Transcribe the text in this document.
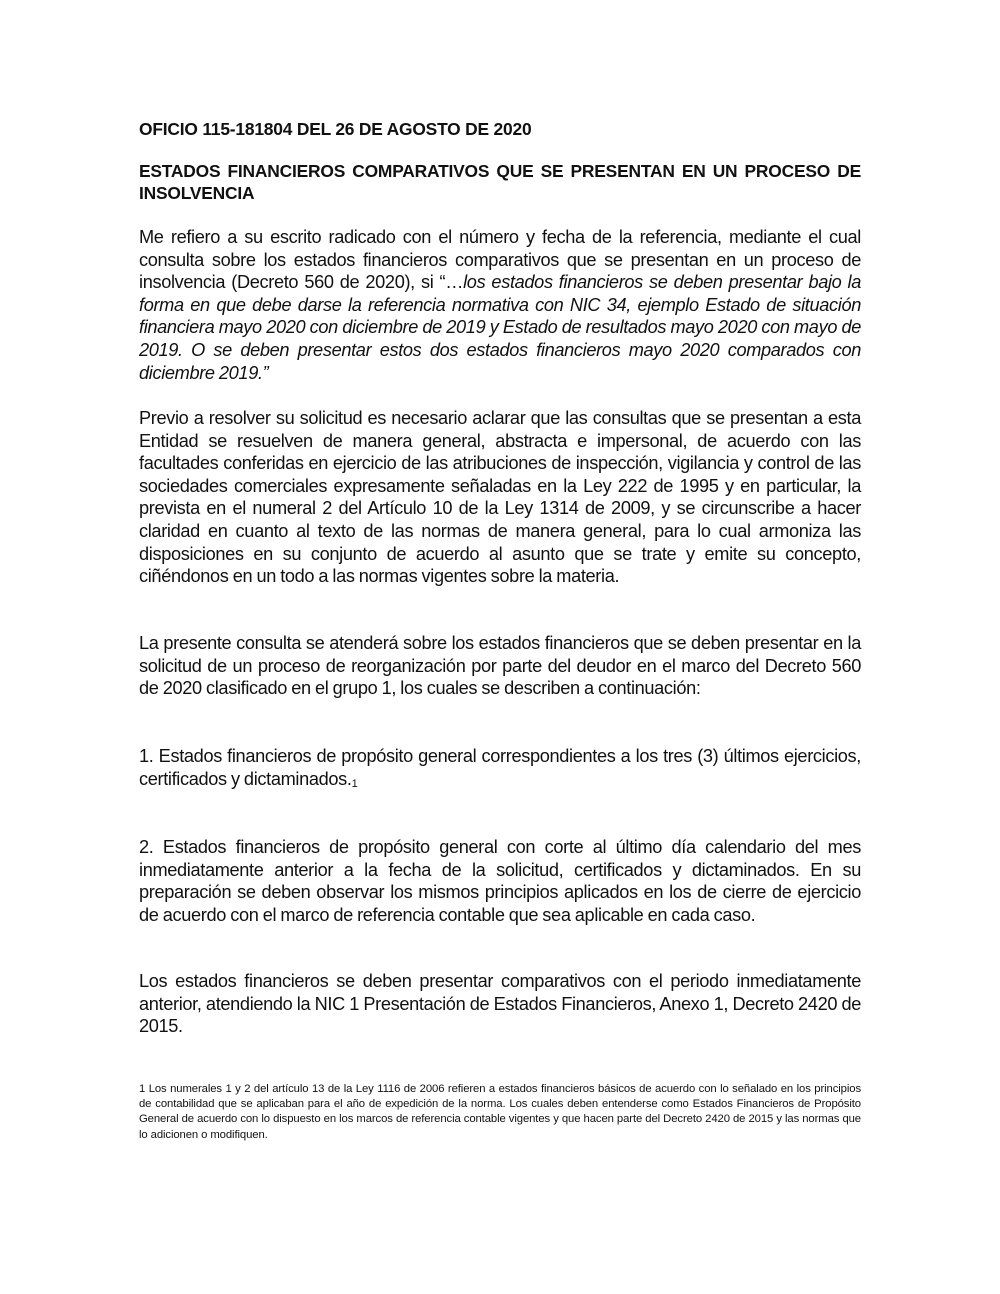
OFICIO 115-181804 DEL 26 DE AGOSTO DE 2020
ESTADOS FINANCIEROS COMPARATIVOS QUE SE PRESENTAN EN UN PROCESO DE INSOLVENCIA
Me refiero a su escrito radicado con el número y fecha de la referencia, mediante el cual consulta sobre los estados financieros comparativos que se presentan en un proceso de insolvencia (Decreto 560 de 2020), si “…los estados financieros se deben presentar bajo la forma en que debe darse la referencia normativa con NIC 34, ejemplo Estado de situación financiera mayo 2020 con diciembre de 2019 y Estado de resultados mayo 2020 con mayo de 2019. O se deben presentar estos dos estados financieros mayo 2020 comparados con diciembre 2019.”
Previo a resolver su solicitud es necesario aclarar que las consultas que se presentan a esta Entidad se resuelven de manera general, abstracta e impersonal, de acuerdo con las facultades conferidas en ejercicio de las atribuciones de inspección, vigilancia y control de las sociedades comerciales expresamente señaladas en la Ley 222 de 1995 y en particular, la prevista en el numeral 2 del Artículo 10 de la Ley 1314 de 2009, y se circunscribe a hacer claridad en cuanto al texto de las normas de manera general, para lo cual armoniza las disposiciones en su conjunto de acuerdo al asunto que se trate y emite su concepto, ciñéndonos en un todo a las normas vigentes sobre la materia.
La presente consulta se atenderá sobre los estados financieros que se deben presentar en la solicitud de un proceso de reorganización por parte del deudor en el marco del Decreto 560 de 2020 clasificado en el grupo 1, los cuales se describen a continuación:
1. Estados financieros de propósito general correspondientes a los tres (3) últimos ejercicios, certificados y dictaminados.1
2. Estados financieros de propósito general con corte al último día calendario del mes inmediatamente anterior a la fecha de la solicitud, certificados y dictaminados. En su preparación se deben observar los mismos principios aplicados en los de cierre de ejercicio de acuerdo con el marco de referencia contable que sea aplicable en cada caso.
Los estados financieros se deben presentar comparativos con el periodo inmediatamente anterior, atendiendo la NIC 1 Presentación de Estados Financieros, Anexo 1, Decreto 2420 de 2015.
1 Los numerales 1 y 2 del artículo 13 de la Ley 1116 de 2006 refieren a estados financieros básicos de acuerdo con lo señalado en los principios de contabilidad que se aplicaban para el año de expedición de la norma. Los cuales deben entenderse como Estados Financieros de Propósito General de acuerdo con lo dispuesto en los marcos de referencia contable vigentes y que hacen parte del Decreto 2420 de 2015 y las normas que lo adicionen o modifiquen.
